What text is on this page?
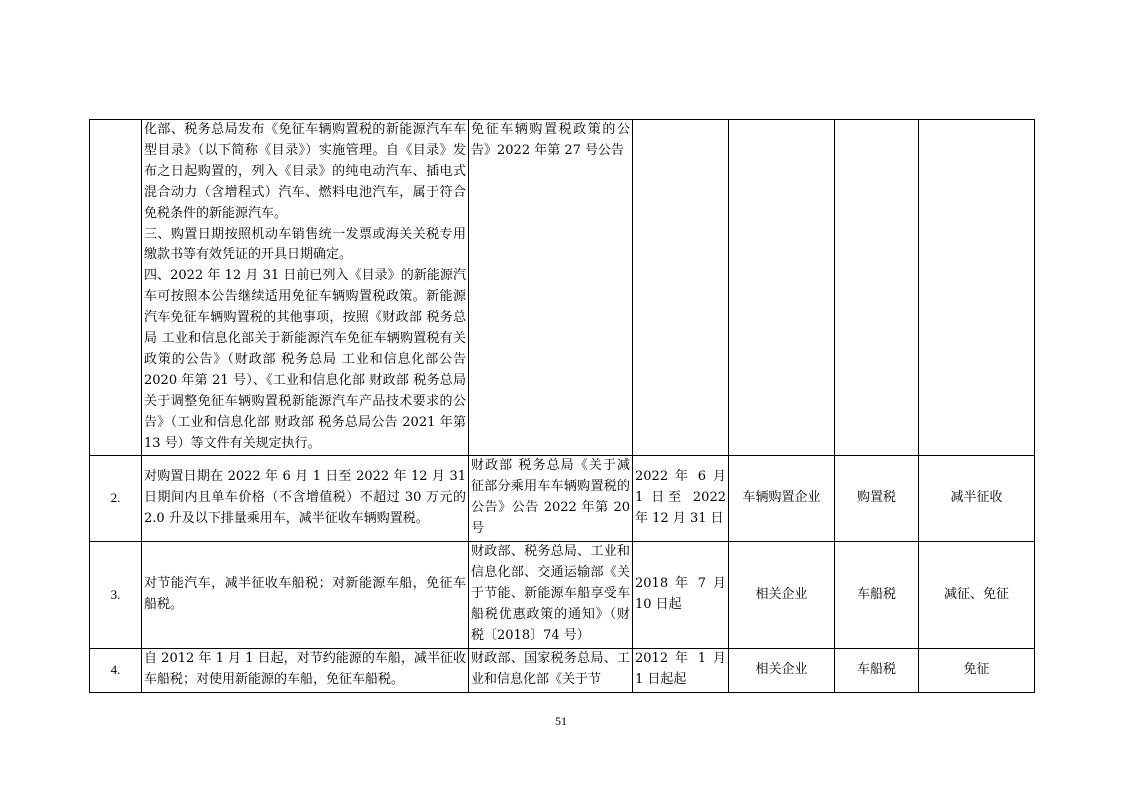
	化部、税务总局发布《免征车辆购置税的新能源汽车车型目录》（以下简称《目录》）实施管理。自《目录》发布之日起购置的，列入《目录》的纯电动汽车、插电式混合动力（含增程式）汽车、燃料电池汽车，属于符合免税条件的新能源汽车。
三、购置日期按照机动车销售统一发票或海关关税专用缴款书等有效凭证的开具日期确定。
四、2022 年 12 月 31 日前已列入《目录》的新能源汽车可按照本公告继续适用免征车辆购置税政策。新能源汽车免征车辆购置税的其他事项，按照《财政部 税务总局 工业和信息化部关于新能源汽车免征车辆购置税有关政策的公告》（财政部 税务总局 工业和信息化部公告 2020 年第 21 号）、《工业和信息化部 财政部 税务总局关于调整免征车辆购置税新能源汽车产品技术要求的公告》（工业和信息化部 财政部 税务总局公告 2021 年第 13 号）等文件有关规定执行。	免征车辆购置税政策的公告》2022 年第 27 号公告				
2.	对购置日期在 2022 年 6 月 1 日至 2022 年 12 月 31 日期间内且单车价格（不含增值税）不超过 30 万元的 2.0 升及以下排量乘用车，减半征收车辆购置税。	财政部 税务总局《关于减征部分乘用车车辆购置税的公告》公告 2022 年第 20 号	2022 年 6 月 1 日至 2022 年 12 月 31 日	车辆购置企业	购置税	减半征收
3.	对节能汽车，减半征收车船税；对新能源车船，免征车船税。	财政部、税务总局、工业和信息化部、交通运输部《关于节能、新能源车船享受车船税优惠政策的通知》（财税〔2018〕74 号）	2018 年 7 月 10 日起	相关企业	车船税	减征、免征
4.	自 2012 年 1 月 1 日起，对节约能源的车船，减半征收车船税；对使用新能源的车船，免征车船税。	财政部、国家税务总局、工业和信息化部《关于节	2012 年 1 月 1 日起起	相关企业	车船税	免征
51
